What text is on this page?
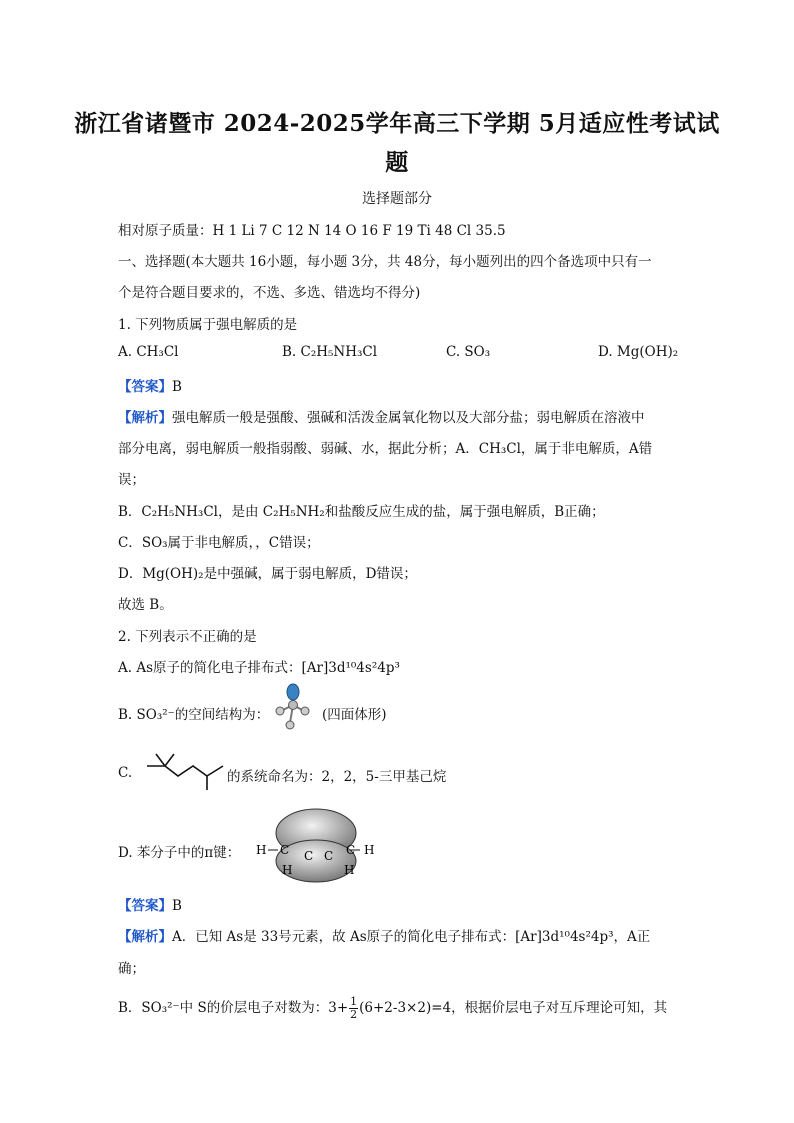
浙江省诸暨市 2024-2025学年高三下学期 5月适应性考试试
题
选择题部分
相对原子质量：H 1 Li 7 C 12 N 14 O 16 F 19 Ti 48 Cl 35.5
一、选择题(本大题共 16小题，每小题 3分，共 48分，每小题列出的四个备选项中只有一
个是符合题目要求的，不选、多选、错选均不得分)
1. 下列物质属于强电解质的是
A. CH₃Cl	B. C₂H₅NH₃Cl	C. SO₃	D. Mg(OH)₂
【答案】B
【解析】强电解质一般是强酸、强碱和活泼金属氧化物以及大部分盐；弱电解质在溶液中
部分电离，弱电解质一般指弱酸、弱碱、水，据此分析；A．CH₃Cl，属于非电解质，A错
误；
B．C₂H₅NH₃Cl，是由 C₂H₅NH₂和盐酸反应生成的盐，属于强电解质，B正确；
C．SO₃属于非电解质，，C错误；
D．Mg(OH)₂是中强碱，属于弱电解质，D错误；
故选 B。
2. 下列表示不正确的是
A. As原子的简化电子排布式：[Ar]3d¹⁰4s²4p³
B. SO₃²⁻的空间结构为：	(四面体形)
C.	的系统命名为：2，2，5-三甲基己烷
D. 苯分子中的π键： H C C C C H
H	H
【答案】B
【解析】A．已知 As是 33号元素，故 As原子的简化电子排布式：[Ar]3d¹⁰4s²4p³，A正
确；
B．SO₃²⁻中 S的价层电子对数为：$3+ \frac{1}{2} (6+2-3\times 2)=4$，根据价层电子对互斥理论可知，其
